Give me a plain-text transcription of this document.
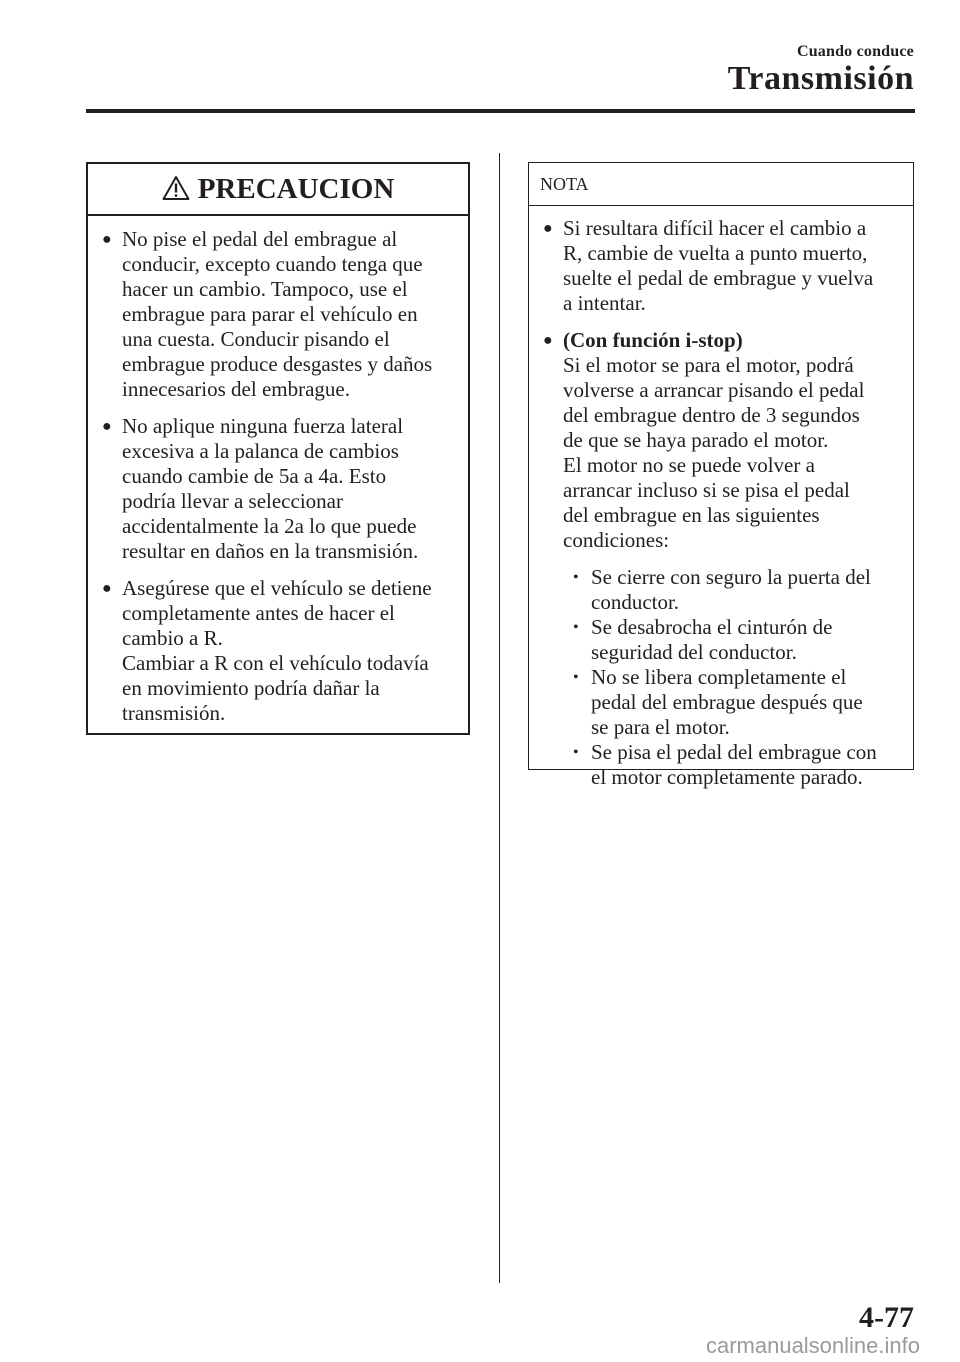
Cuando conduce
Transmisión
PRECAUCION
● No pise el pedal del embrague al
conducir, excepto cuando tenga que
hacer un cambio. Tampoco, use el
embrague para parar el vehículo en
una cuesta. Conducir pisando el
embrague produce desgastes y daños
innecesarios del embrague.
● No aplique ninguna fuerza lateral
excesiva a la palanca de cambios
cuando cambie de 5a a 4a. Esto
podría llevar a seleccionar
accidentalmente la 2a lo que puede
resultar en daños en la transmisión.
● Asegúrese que el vehículo se detiene
completamente antes de hacer el
cambio a R.
Cambiar a R con el vehículo todavía
en movimiento podría dañar la
transmisión.
NOTA
● Si resultara difícil hacer el cambio a
R, cambie de vuelta a punto muerto,
suelte el pedal de embrague y vuelva
a intentar.
● (Con función i-stop)
Si el motor se para el motor, podrá
volverse a arrancar pisando el pedal
del embrague dentro de 3 segundos
de que se haya parado el motor.
El motor no se puede volver a
arrancar incluso si se pisa el pedal
del embrague en las siguientes
condiciones:
• Se cierre con seguro la puerta del
conductor.
• Se desabrocha el cinturón de
seguridad del conductor.
• No se libera completamente el
pedal del embrague después que
se para el motor.
• Se pisa el pedal del embrague con
el motor completamente parado.
4-77
carmanualsonline.info
